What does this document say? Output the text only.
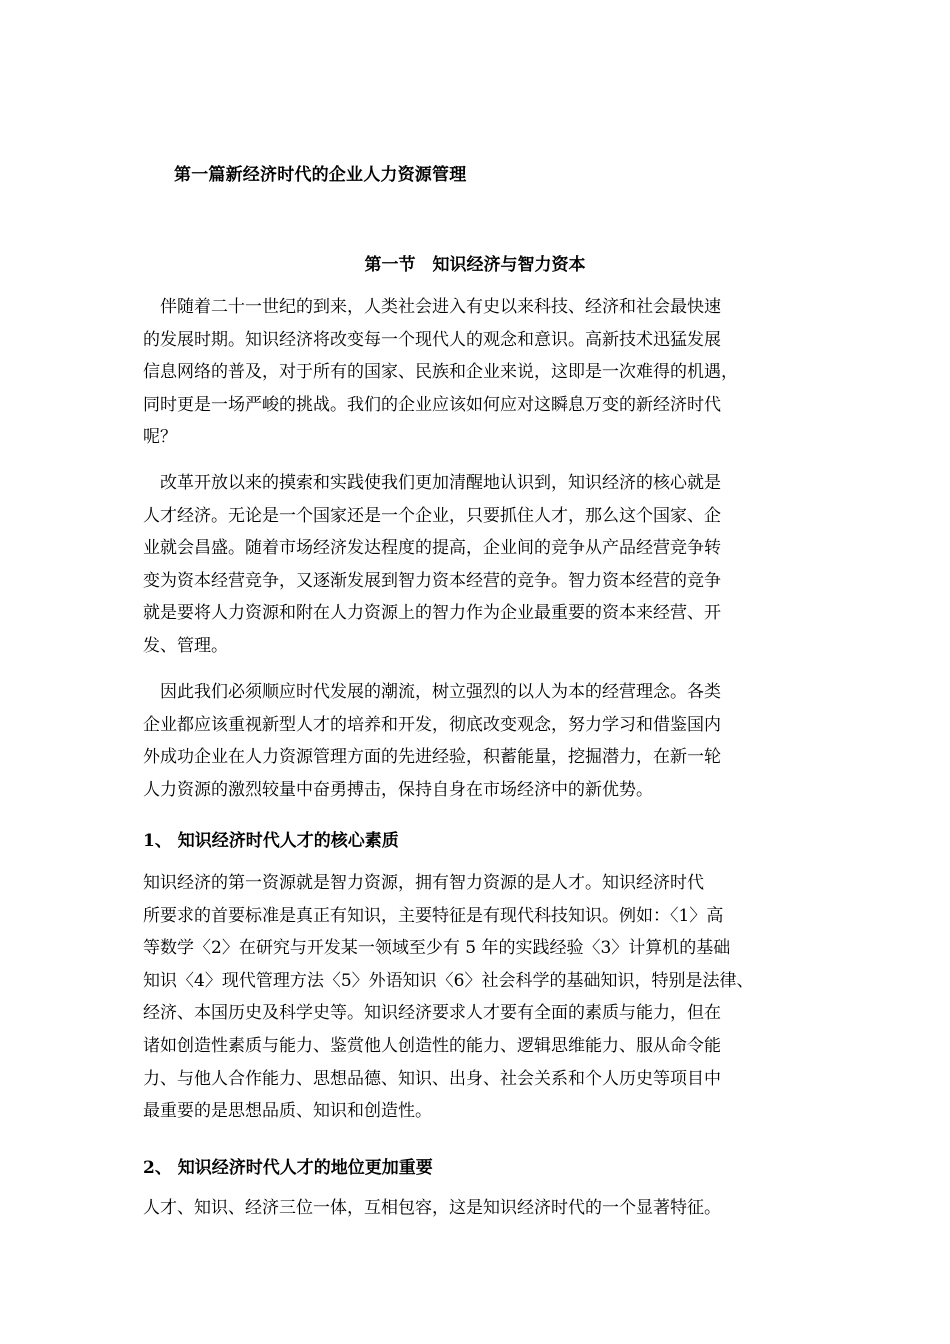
第一篇新经济时代的企业人力资源管理
第一节　知识经济与智力资本

　伴随着二十一世纪的到来，人类社会进入有史以来科技、经济和社会最快速
的发展时期。知识经济将改变每一个现代人的观念和意识。高新技术迅猛发展
信息网络的普及，对于所有的国家、民族和企业来说，这即是一次难得的机遇，
同时更是一场严峻的挑战。我们的企业应该如何应对这瞬息万变的新经济时代
呢？

　改革开放以来的摸索和实践使我们更加清醒地认识到，知识经济的核心就是
人才经济。无论是一个国家还是一个企业，只要抓住人才，那么这个国家、企
业就会昌盛。随着市场经济发达程度的提高，企业间的竞争从产品经营竞争转
变为资本经营竞争，又逐渐发展到智力资本经营的竞争。智力资本经营的竞争
就是要将人力资源和附在人力资源上的智力作为企业最重要的资本来经营、开
发、管理。

　因此我们必须顺应时代发展的潮流，树立强烈的以人为本的经营理念。各类
企业都应该重视新型人才的培养和开发，彻底改变观念，努力学习和借鉴国内
外成功企业在人力资源管理方面的先进经验，积蓄能量，挖掘潜力，在新一轮
人力资源的激烈较量中奋勇搏击，保持自身在市场经济中的新优势。

1、 知识经济时代人才的核心素质

知识经济的第一资源就是智力资源，拥有智力资源的是人才。知识经济时代
所要求的首要标准是真正有知识，主要特征是有现代科技知识。例如：〈1〉高
等数学〈2〉在研究与开发某一领域至少有 5 年的实践经验〈3〉计算机的基础
知识〈4〉现代管理方法〈5〉外语知识〈6〉社会科学的基础知识，特别是法律、
经济、本国历史及科学史等。知识经济要求人才要有全面的素质与能力，但在
诸如创造性素质与能力、鉴赏他人创造性的能力、逻辑思维能力、服从命令能
力、与他人合作能力、思想品德、知识、出身、社会关系和个人历史等项目中
最重要的是思想品质、知识和创造性。

2、 知识经济时代人才的地位更加重要

人才、知识、经济三位一体，互相包容，这是知识经济时代的一个显著特征。
